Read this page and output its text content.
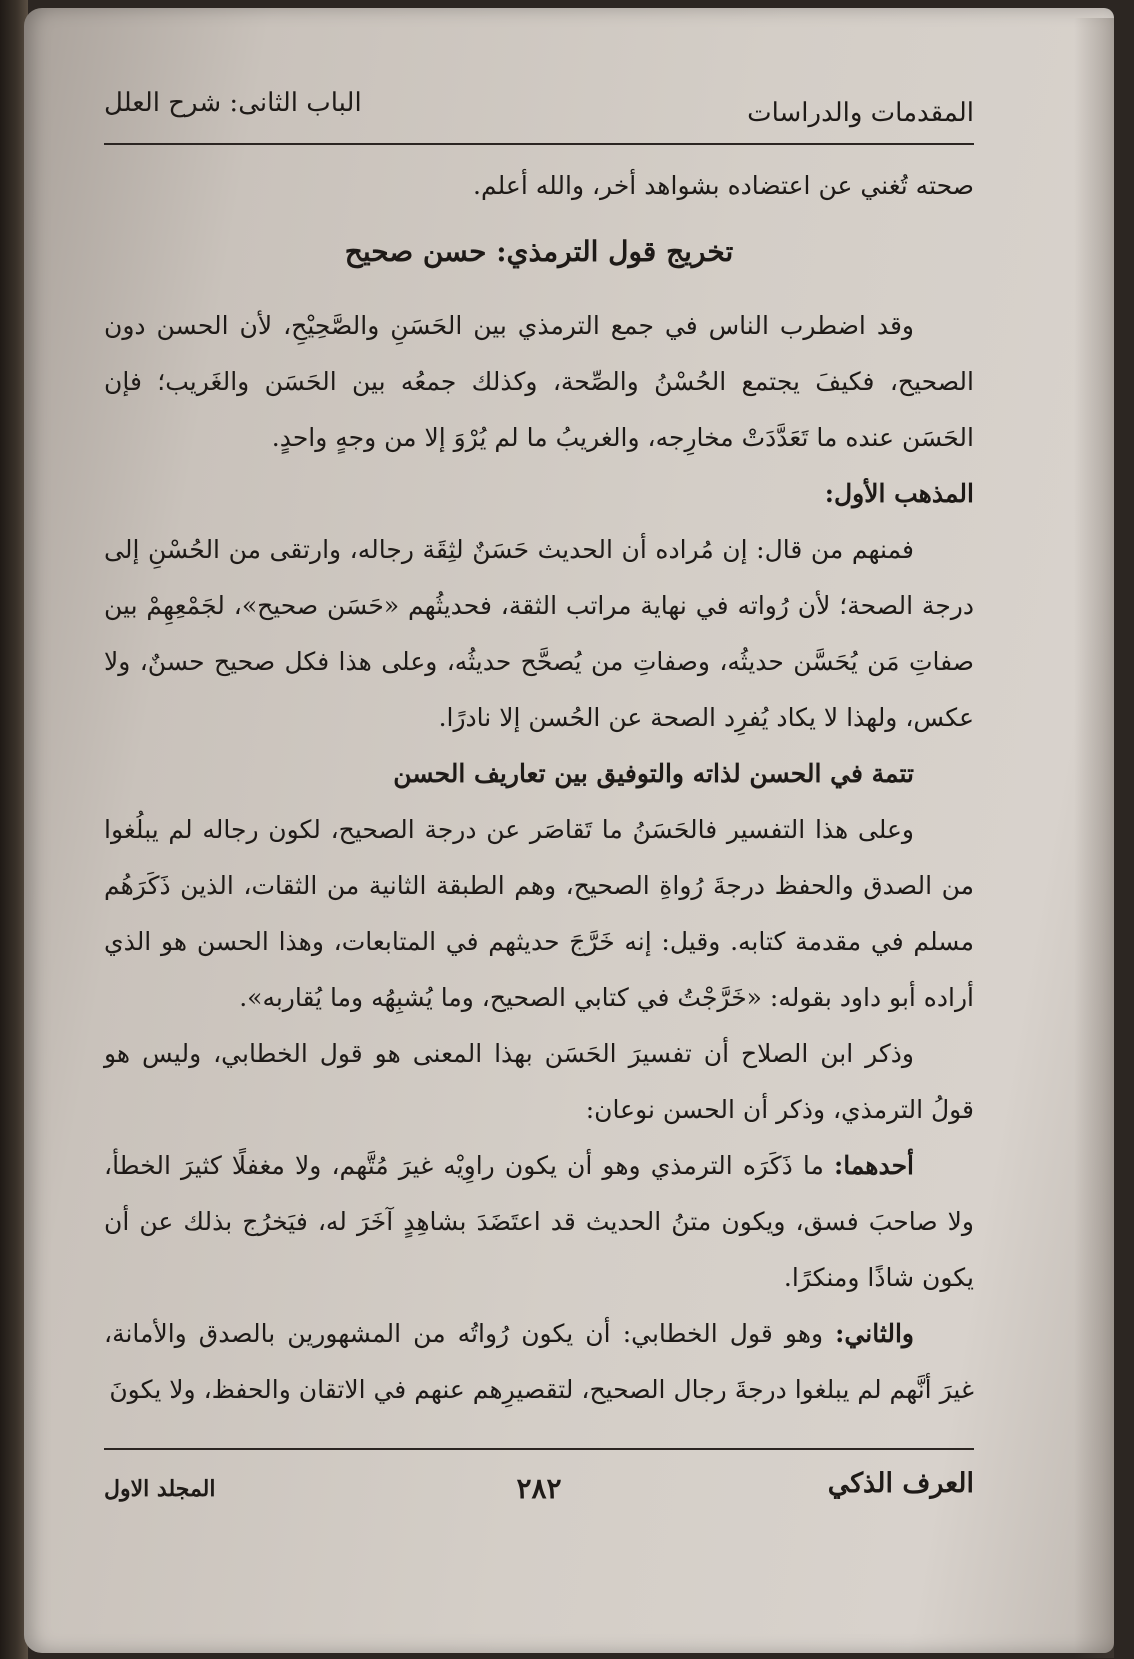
المقدمات والدراسات
الباب الثانى: شرح العلل

صحته تُغني عن اعتضاده بشواهد أخر، والله أعلم.

تخريج قول الترمذي: حسن صحيح

وقد اضطرب الناس في جمع الترمذي بين الحَسَنِ والصَّحِيْحِ، لأن الحسن دون الصحيح، فكيفَ يجتمع الحُسْنُ والصِّحة، وكذلك جمعُه بين الحَسَن والغَريب؛ فإن الحَسَن عنده ما تَعَدَّدَتْ مخارِجه، والغريبُ ما لم يُرْوَ إلا من وجهٍ واحدٍ.

المذهب الأول:

فمنهم من قال: إن مُراده أن الحديث حَسَنٌ لثِقَة رجاله، وارتقى من الحُسْنِ إلى درجة الصحة؛ لأن رُواته في نهاية مراتب الثقة، فحديثُهم «حَسَن صحيح»، لجَمْعِهِمْ بين صفاتِ مَن يُحَسَّن حديثُه، وصفاتِ من يُصحَّح حديثُه، وعلى هذا فكل صحيح حسنٌ، ولا عكس، ولهذا لا يكاد يُفرِد الصحة عن الحُسن إلا نادرًا.

تتمة في الحسن لذاته والتوفيق بين تعاريف الحسن

وعلى هذا التفسير فالحَسَنُ ما تَقاصَر عن درجة الصحيح، لكون رجاله لم يبلُغوا من الصدق والحفظ درجةَ رُواةِ الصحيح، وهم الطبقة الثانية من الثقات، الذين ذَكَرَهُم مسلم في مقدمة كتابه. وقيل: إنه خَرَّجَ حديثهم في المتابعات، وهذا الحسن هو الذي أراده أبو داود بقوله: «خَرَّجْتُ في كتابي الصحيح، وما يُشبِهُه وما يُقاربه».

وذكر ابن الصلاح أن تفسيرَ الحَسَن بهذا المعنى هو قول الخطابي، وليس هو قولُ الترمذي، وذكر أن الحسن نوعان:

أحدهما: ما ذَكَرَه الترمذي وهو أن يكون راوِيْه غيرَ مُتَّهم، ولا مغفلًا كثيرَ الخطأ، ولا صاحبَ فسق، ويكون متنُ الحديث قد اعتَضَدَ بشاهِدٍ آخَرَ له، فيَخرُج بذلك عن أن يكون شاذًا ومنكرًا.

والثاني: وهو قول الخطابي: أن يكون رُواتُه من المشهورين بالصدق والأمانة، غيرَ أنَّهم لم يبلغوا درجةَ رجال الصحيح، لتقصيرِهم عنهم في الاتقان والحفظ، ولا يكونَ

العرف الذكي
٢٨٢
المجلد الاول
